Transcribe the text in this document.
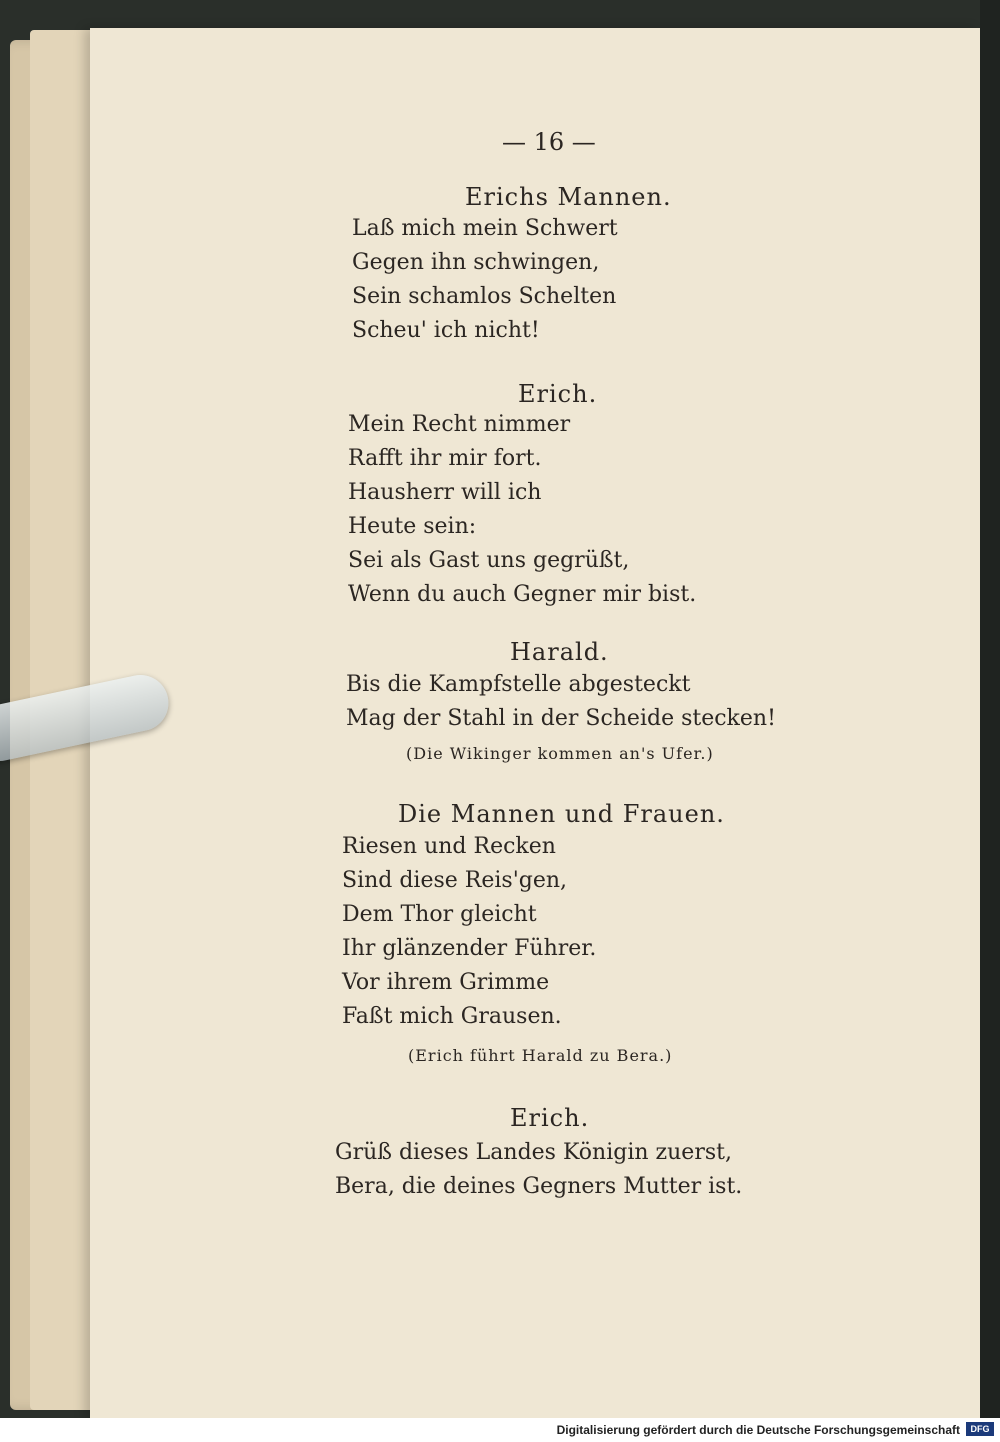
— 16 —
Erichs Mannen.
Laß mich mein Schwert
Gegen ihn schwingen,
Sein schamlos Schelten
Scheu' ich nicht!
Erich.
Mein Recht nimmer
Rafft ihr mir fort.
Hausherr will ich
Heute sein:
Sei als Gast uns gegrüßt,
Wenn du auch Gegner mir bist.
Harald.
Bis die Kampfstelle abgesteckt
Mag der Stahl in der Scheide stecken!
(Die Wikinger kommen an's Ufer.)
Die Mannen und Frauen.
Riesen und Recken
Sind diese Reis'gen,
Dem Thor gleicht
Ihr glänzender Führer.
Vor ihrem Grimme
Faßt mich Grausen.
(Erich führt Harald zu Bera.)
Erich.
Grüß dieses Landes Königin zuerst,
Bera, die deines Gegners Mutter ist.
Digitalisierung gefördert durch die Deutsche Forschungsgemeinschaft	DFG
